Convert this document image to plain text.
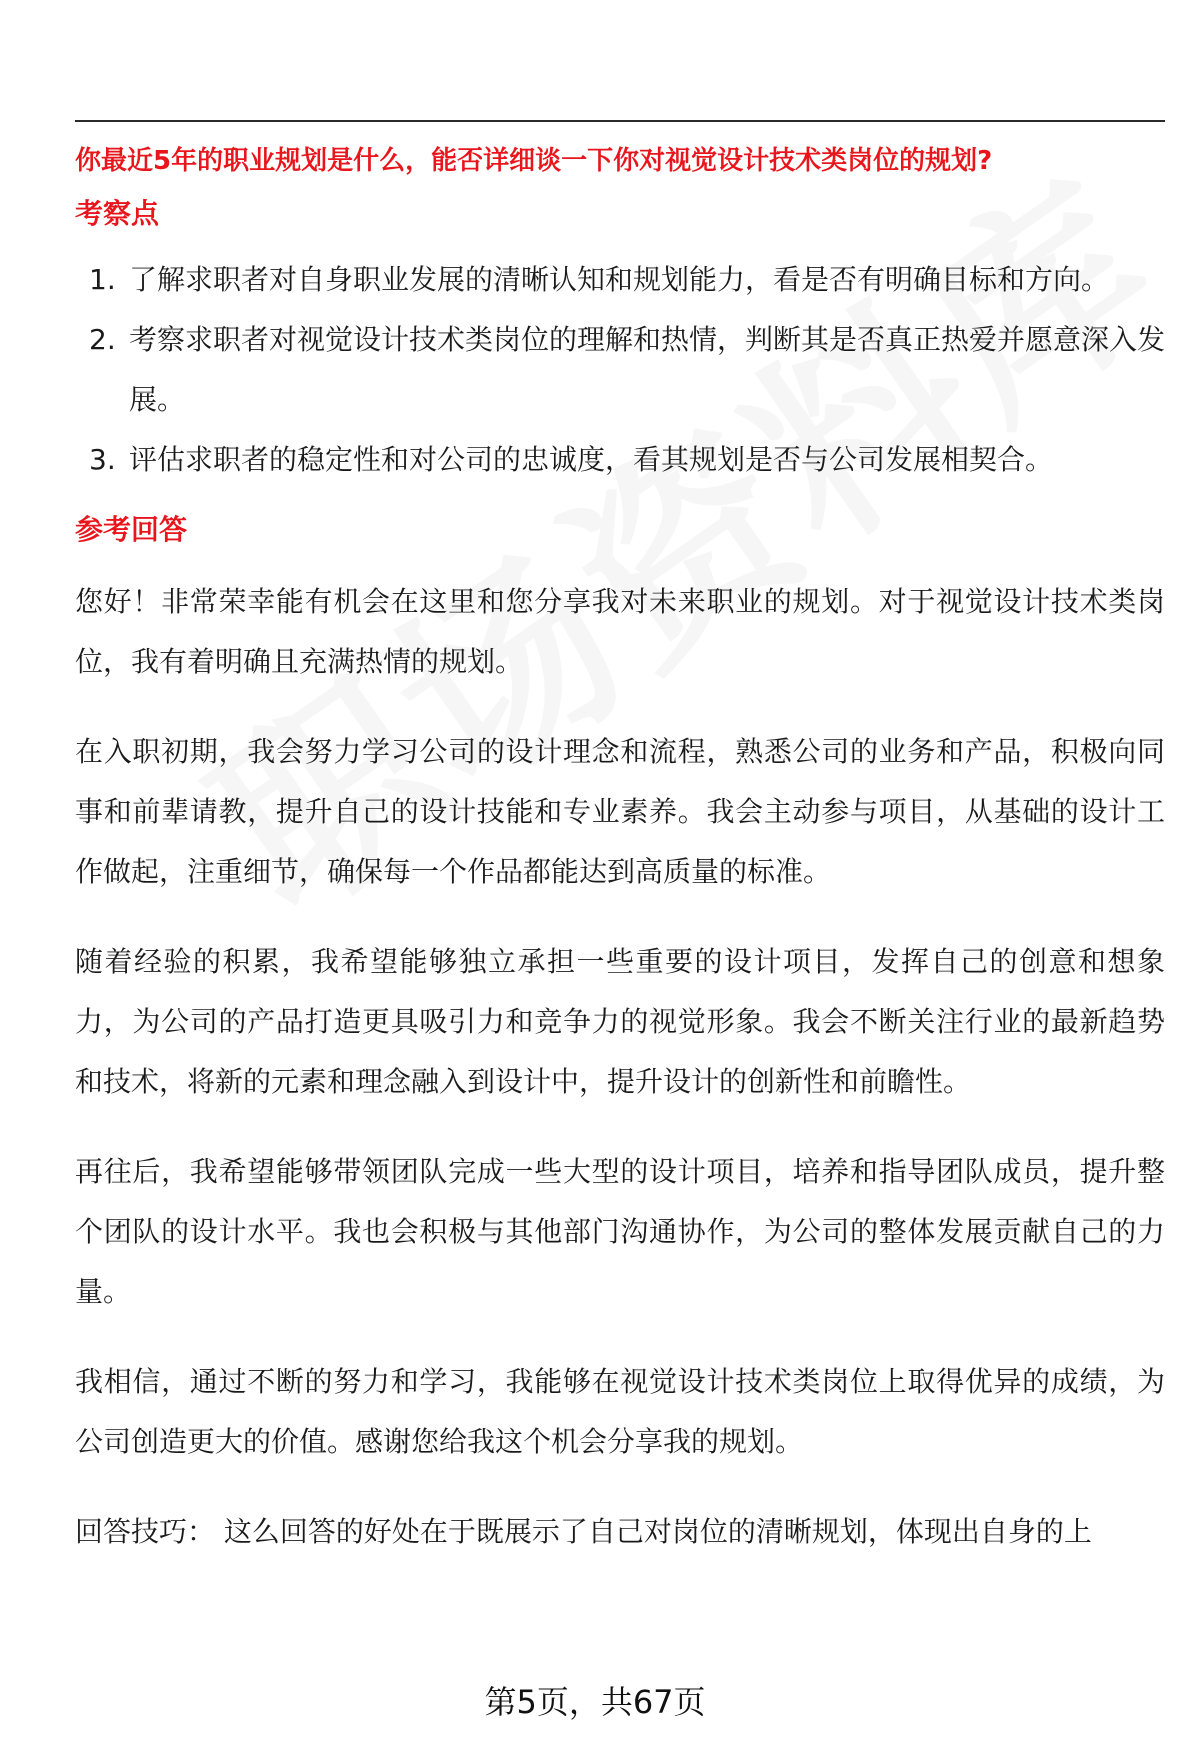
你最近5年的职业规划是什么，能否详细谈一下你对视觉设计技术类岗位的规划?

考察点
1. 了解求职者对自身职业发展的清晰认知和规划能力，看是否有明确目标和方向。
2. 考察求职者对视觉设计技术类岗位的理解和热情，判断其是否真正热爱并愿意深入发展。
3. 评估求职者的稳定性和对公司的忠诚度，看其规划是否与公司发展相契合。
参考回答

您好！非常荣幸能有机会在这里和您分享我对未来职业的规划。对于视觉设计技术类岗位，我有着明确且充满热情的规划。

在入职初期，我会努力学习公司的设计理念和流程，熟悉公司的业务和产品，积极向同事和前辈请教，提升自己的设计技能和专业素养。我会主动参与项目，从基础的设计工作做起，注重细节，确保每一个作品都能达到高质量的标准。

随着经验的积累，我希望能够独立承担一些重要的设计项目，发挥自己的创意和想象力，为公司的产品打造更具吸引力和竞争力的视觉形象。我会不断关注行业的最新趋势和技术，将新的元素和理念融入到设计中，提升设计的创新性和前瞻性。

再往后，我希望能够带领团队完成一些大型的设计项目，培养和指导团队成员，提升整个团队的设计水平。我也会积极与其他部门沟通协作，为公司的整体发展贡献自己的力量。

我相信，通过不断的努力和学习，我能够在视觉设计技术类岗位上取得优异的成绩，为公司创造更大的价值。感谢您给我这个机会分享我的规划。

回答技巧： 这么回答的好处在于既展示了自己对岗位的清晰规划，体现出自身的上

第5页，共67页
